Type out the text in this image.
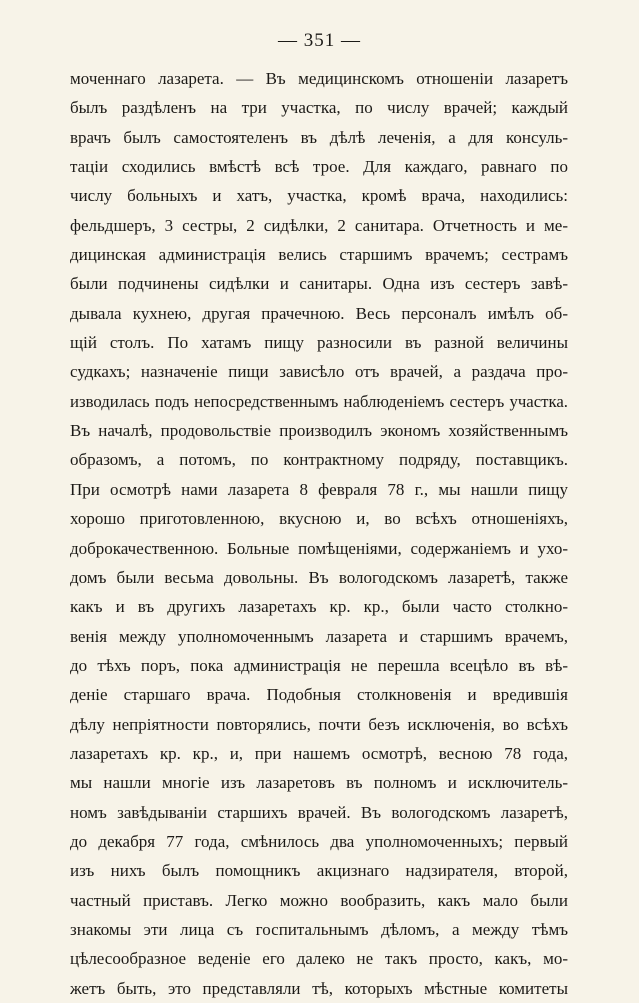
— 351 —
моченнаго лазарета. — Въ медицинскомъ отношенiи лазаретъ
былъ раздѣленъ на три участка, по числу врачей; каждый
врачъ былъ самостоятеленъ въ дѣлѣ леченiя, а для консуль-
тацiи сходились вмѣстѣ всѣ трое. Для каждаго, равнаго по
числу больныхъ и хатъ, участка, кромѣ врача, находились:
фельдшеръ, 3 сестры, 2 сидѣлки, 2 санитара. Отчетность и ме-
дицинская администрацiя велись старшимъ врачемъ; сестрамъ
были подчинены сидѣлки и санитары. Одна изъ сестеръ завѣ-
дывала кухнею, другая прачечною. Весь персоналъ имѣлъ об-
щiй столъ. По хатамъ пищу разносили въ разной величины
судкахъ; назначенiе пищи зависѣло отъ врачей, а раздача про-
изводилась подъ непосредственнымъ наблюденiемъ сестеръ участка.
Въ началѣ, продовольствiе производилъ экономъ хозяйственнымъ
образомъ, а потомъ, по контрактному подряду, поставщикъ.
При осмотрѣ нами лазарета 8 февраля 78 г., мы нашли пищу
хорошо приготовленною, вкусною и, во всѣхъ отношенiяхъ,
доброкачественною. Больные помѣщенiями, содержанiемъ и ухо-
домъ были весьма довольны. Въ вологодскомъ лазаретѣ, также
какъ и въ другихъ лазаретахъ кр. кр., были часто столкно-
венiя между уполномоченнымъ лазарета и старшимъ врачемъ,
до тѣхъ поръ, пока администрацiя не перешла всецѣло въ вѣ-
денiе старшаго врача. Подобныя столкновенiя и вредившiя
дѣлу непрiятности повторялись, почти безъ исключенiя, во всѣхъ
лазаретахъ кр. кр., и, при нашемъ осмотрѣ, весною 78 года,
мы нашли многiе изъ лазаретовъ въ полномъ и исключитель-
номъ завѣдыванiи старшихъ врачей. Въ вологодскомъ лазаретѣ,
до декабря 77 года, смѣнилось два уполномоченныхъ; первый
изъ нихъ былъ помощникъ акцизнаго надзирателя, второй,
частный приставъ. Легко можно вообразить, какъ мало были
знакомы эти лица съ госпитальнымъ дѣломъ, а между тѣмъ
цѣлесообразное веденiе его далеко не такъ просто, какъ, мо-
жетъ быть, это представляли тѣ, которыхъ мѣстные комитеты
